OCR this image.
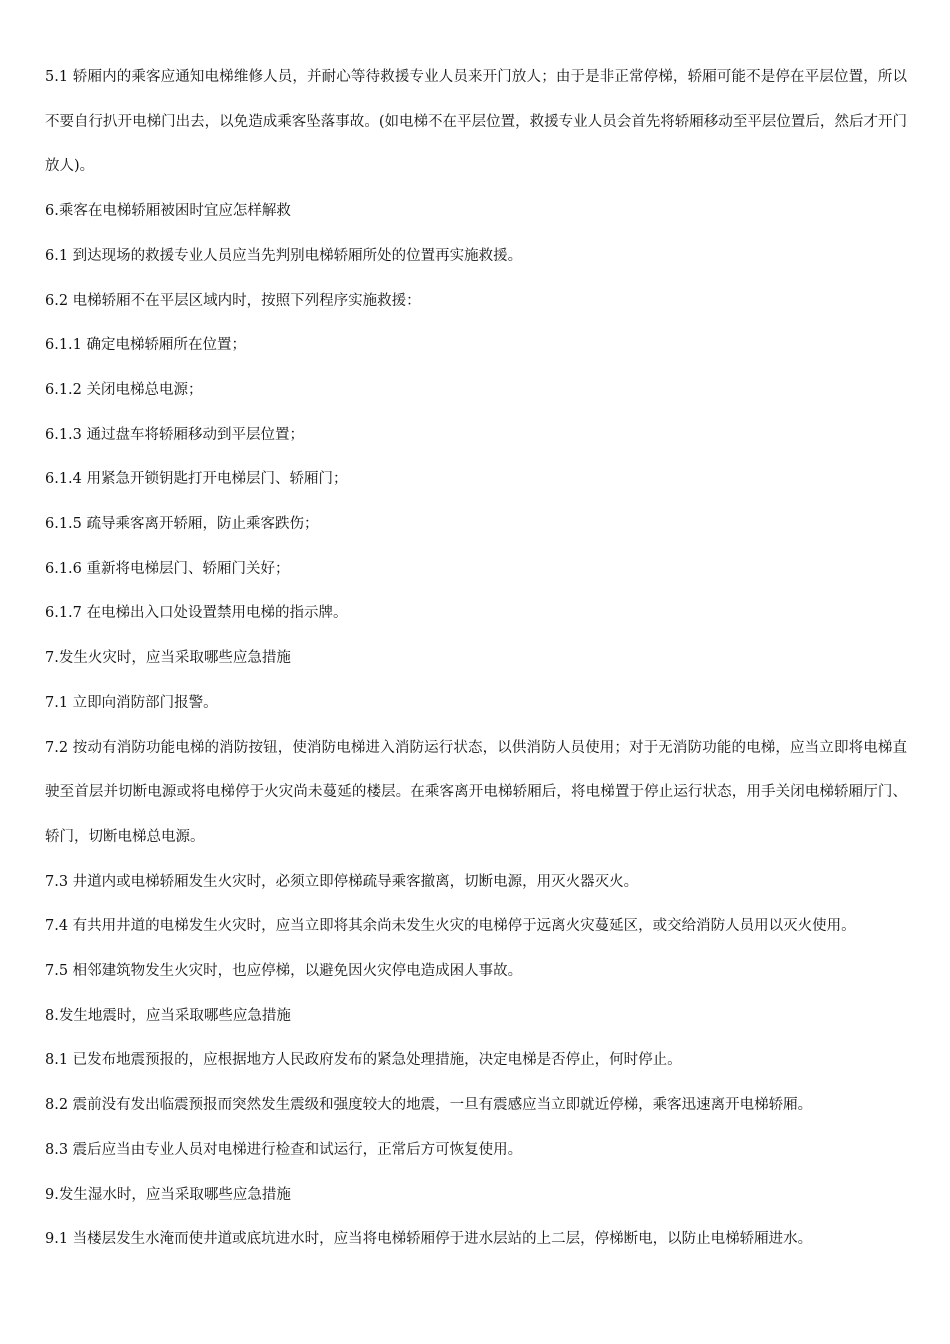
5.1 轿厢内的乘客应通知电梯维修人员，并耐心等待救援专业人员来开门放人；由于是非正常停梯，轿厢可能不是停在平层位置，所以不要自行扒开电梯门出去，以免造成乘客坠落事故。(如电梯不在平层位置，救援专业人员会首先将轿厢移动至平层位置后，然后才开门放人)。

6.乘客在电梯轿厢被困时宜应怎样解救

6.1 到达现场的救援专业人员应当先判别电梯轿厢所处的位置再实施救援。

6.2 电梯轿厢不在平层区域内时，按照下列程序实施救援：

6.1.1 确定电梯轿厢所在位置；

6.1.2 关闭电梯总电源；

6.1.3 通过盘车将轿厢移动到平层位置；

6.1.4 用紧急开锁钥匙打开电梯层门、轿厢门；

6.1.5 疏导乘客离开轿厢，防止乘客跌伤；

6.1.6 重新将电梯层门、轿厢门关好；

6.1.7 在电梯出入口处设置禁用电梯的指示牌。

7.发生火灾时，应当采取哪些应急措施

7.1 立即向消防部门报警。

7.2 按动有消防功能电梯的消防按钮，使消防电梯进入消防运行状态，以供消防人员使用；对于无消防功能的电梯，应当立即将电梯直驶至首层并切断电源或将电梯停于火灾尚未蔓延的楼层。在乘客离开电梯轿厢后，将电梯置于停止运行状态，用手关闭电梯轿厢厅门、轿门，切断电梯总电源。

7.3 井道内或电梯轿厢发生火灾时，必须立即停梯疏导乘客撤离，切断电源，用灭火器灭火。

7.4 有共用井道的电梯发生火灾时，应当立即将其余尚未发生火灾的电梯停于远离火灾蔓延区，或交给消防人员用以灭火使用。

7.5 相邻建筑物发生火灾时，也应停梯，以避免因火灾停电造成困人事故。

8.发生地震时，应当采取哪些应急措施

8.1 已发布地震预报的，应根据地方人民政府发布的紧急处理措施，决定电梯是否停止，何时停止。

8.2 震前没有发出临震预报而突然发生震级和强度较大的地震，一旦有震感应当立即就近停梯，乘客迅速离开电梯轿厢。

8.3 震后应当由专业人员对电梯进行检查和试运行，正常后方可恢复使用。

9.发生湿水时，应当采取哪些应急措施

9.1 当楼层发生水淹而使井道或底坑进水时，应当将电梯轿厢停于进水层站的上二层，停梯断电，以防止电梯轿厢进水。
